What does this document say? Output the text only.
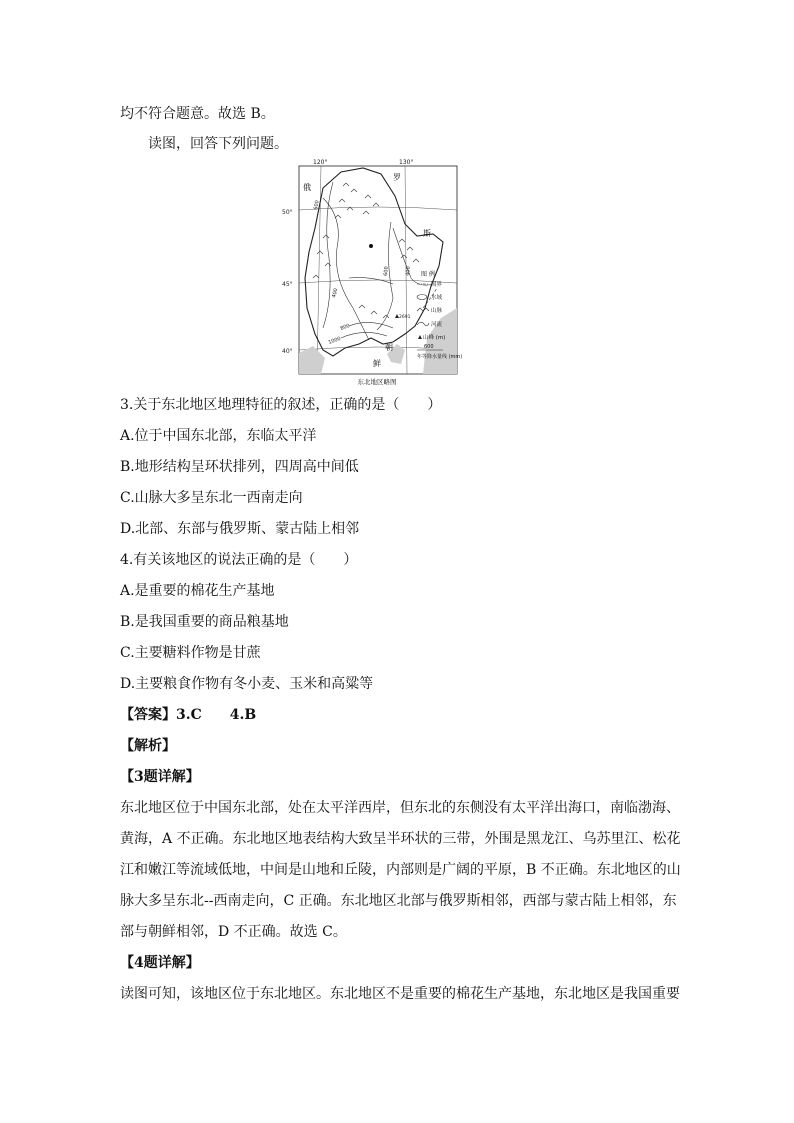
均不符合题意。故选 B。
读图，回答下列问题。
120°	130°
50°
45°
40°
俄
罗
斯
朝
鲜
600
400
800
1000
600	400
2691
图 例
国界
水域
山脉
河流
山峰 (m)
600
年等降水量线 (mm)
东北地区略图
3.关于东北地区地理特征的叙述，正确的是（　　）
A.位于中国东北部，东临太平洋
B.地形结构呈环状排列，四周高中间低
C.山脉大多呈东北一西南走向
D.北部、东部与俄罗斯、蒙古陆上相邻
4.有关该地区的说法正确的是（　　）
A.是重要的棉花生产基地
B.是我国重要的商品粮基地
C.主要糖料作物是甘蔗
D.主要粮食作物有冬小麦、玉米和高粱等
【答案】3.C　　4.B
【解析】
【3题详解】
东北地区位于中国东北部，处在太平洋西岸，但东北的东侧没有太平洋出海口，南临渤海、
黄海，A 不正确。东北地区地表结构大致呈半环状的三带，外围是黑龙江、乌苏里江、松花
江和嫩江等流域低地，中间是山地和丘陵，内部则是广阔的平原，B 不正确。东北地区的山
脉大多呈东北--西南走向，C 正确。东北地区北部与俄罗斯相邻，西部与蒙古陆上相邻，东
部与朝鲜相邻，D 不正确。故选 C。
【4题详解】
读图可知，该地区位于东北地区。东北地区不是重要的棉花生产基地，东北地区是我国重要
